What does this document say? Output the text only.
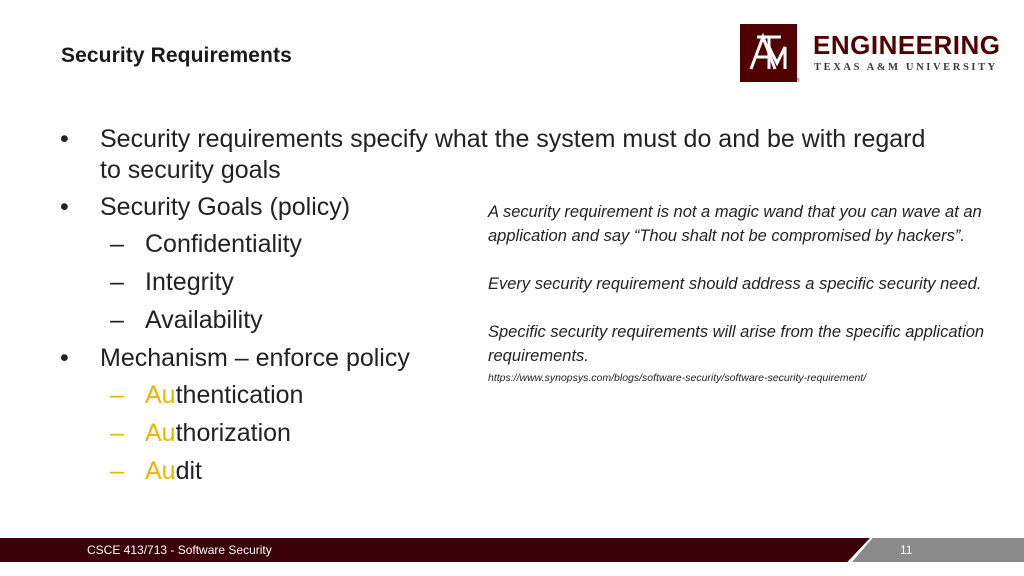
Security Requirements
®
ENGINEERING
TEXAS A&M UNIVERSITY
• Security requirements specify what the system must do and be with regard to security goals
• Security Goals (policy)
– Confidentiality
– Integrity
– Availability
• Mechanism – enforce policy
– Authentication
– Authorization
– Audit

A security requirement is not a magic wand that you can wave at an application and say “Thou shalt not be compromised by hackers”.

Every security requirement should address a specific security need.

Specific security requirements will arise from the specific application requirements.

https://www.synopsys.com/blogs/software-security/software-security-requirement/
CSCE 413/713 - Software Security	11
